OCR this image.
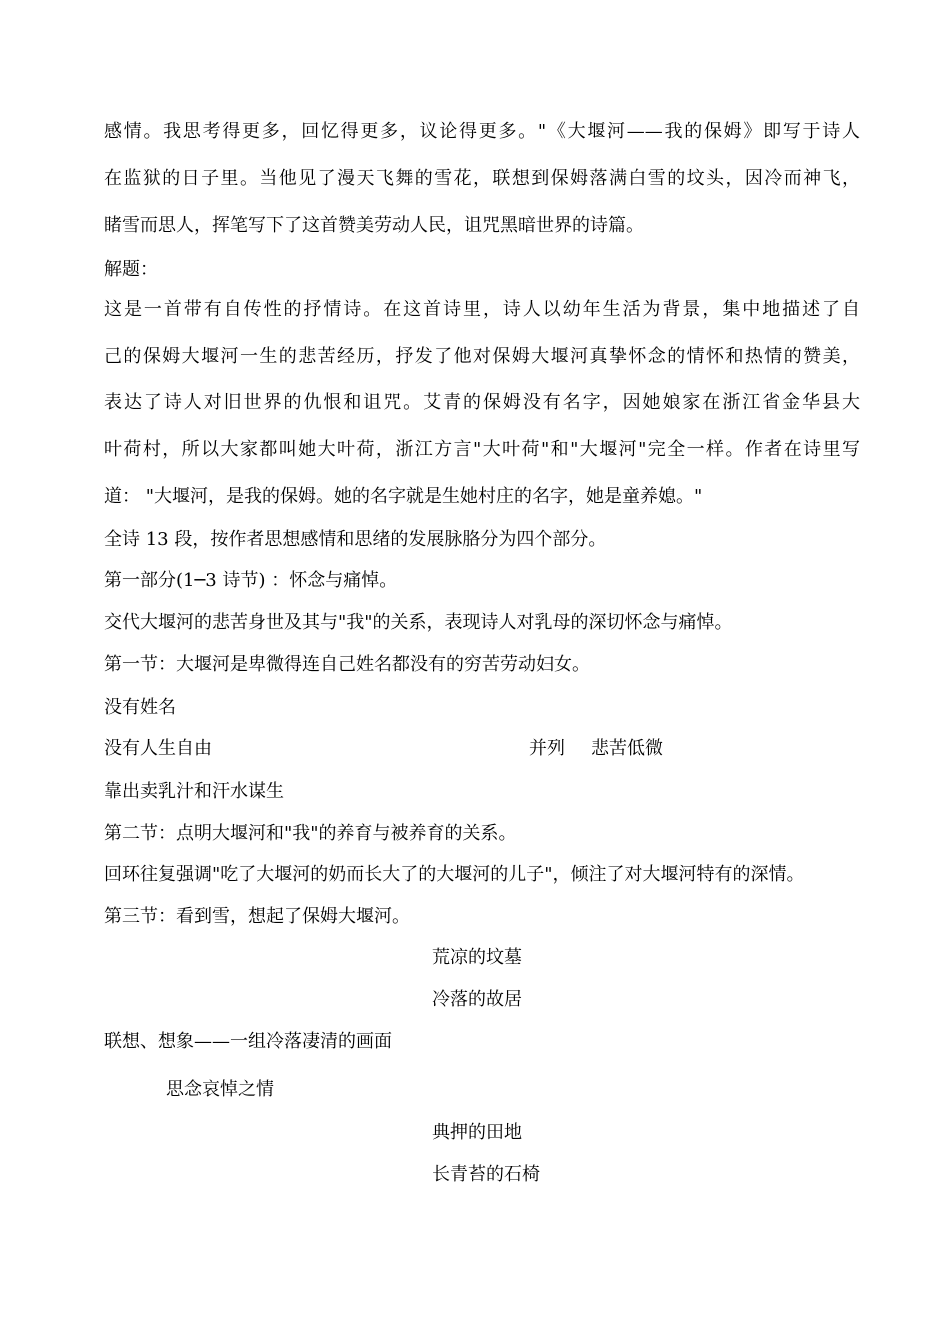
感情。我思考得更多，回忆得更多，议论得更多。"《大堰河——我的保姆》即写于诗人
在监狱的日子里。当他见了漫天飞舞的雪花，联想到保姆落满白雪的坟头，因冷而神飞，
睹雪而思人，挥笔写下了这首赞美劳动人民，诅咒黑暗世界的诗篇。
解题：
这是一首带有自传性的抒情诗。在这首诗里，诗人以幼年生活为背景，集中地描述了自
己的保姆大堰河一生的悲苦经历，抒发了他对保姆大堰河真挚怀念的情怀和热情的赞美，
表达了诗人对旧世界的仇恨和诅咒。艾青的保姆没有名字，因她娘家在浙江省金华县大
叶荷村，所以大家都叫她大叶荷，浙江方言"大叶荷"和"大堰河"完全一样。作者在诗里写
道： "大堰河，是我的保姆。她的名字就是生她村庄的名字，她是童养媳。"
全诗 13 段，按作者思想感情和思绪的发展脉胳分为四个部分。
第一部分(1─3 诗节) ：怀念与痛悼。
交代大堰河的悲苦身世及其与"我"的关系，表现诗人对乳母的深切怀念与痛悼。
第一节：大堰河是卑微得连自己姓名都没有的穷苦劳动妇女。
没有姓名
没有人生自由	并列 悲苦低微
靠出卖乳汁和汗水谋生
第二节：点明大堰河和"我"的养育与被养育的关系。
回环往复强调"吃了大堰河的奶而长大了的大堰河的儿子"，倾注了对大堰河特有的深情。
第三节：看到雪，想起了保姆大堰河。
荒凉的坟墓
冷落的故居
联想、想象——一组冷落凄清的画面
思念哀悼之情
典押的田地
长青苔的石椅
